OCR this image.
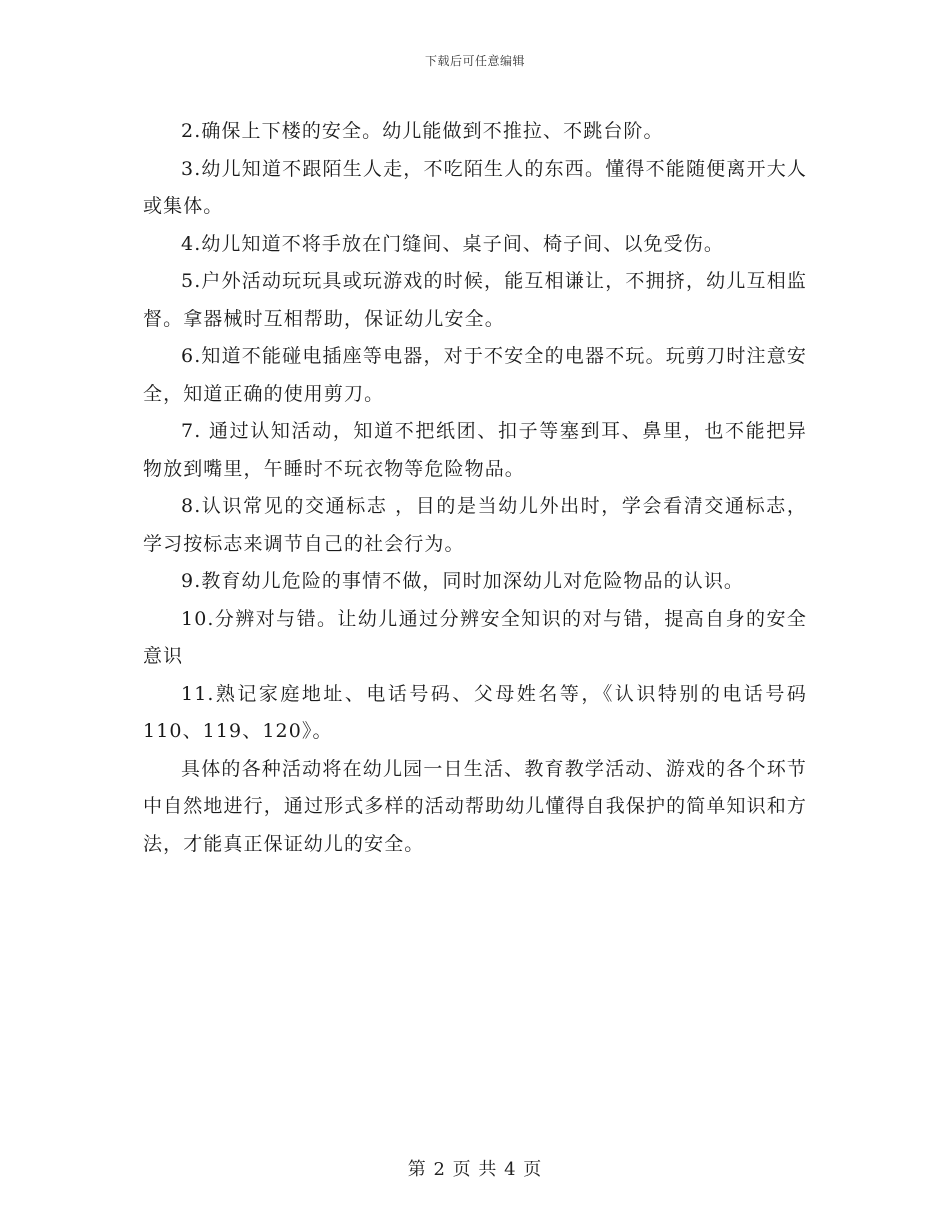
下载后可任意编辑

2.确保上下楼的安全。幼儿能做到不推拉、不跳台阶。

3.幼儿知道不跟陌生人走，不吃陌生人的东西。懂得不能随便离开大人或集体。

4.幼儿知道不将手放在门缝间、桌子间、椅子间、以免受伤。

5.户外活动玩玩具或玩游戏的时候，能互相谦让，不拥挤，幼儿互相监督。拿器械时互相帮助，保证幼儿安全。

6.知道不能碰电插座等电器，对于不安全的电器不玩。玩剪刀时注意安全，知道正确的使用剪刀。

7. 通过认知活动，知道不把纸团、扣子等塞到耳、鼻里，也不能把异物放到嘴里，午睡时不玩衣物等危险物品。

8.认识常见的交通标志 ，目的是当幼儿外出时，学会看清交通标志，学习按标志来调节自己的社会行为。

9.教育幼儿危险的事情不做，同时加深幼儿对危险物品的认识。

10.分辨对与错。让幼儿通过分辨安全知识的对与错，提高自身的安全意识

11.熟记家庭地址、电话号码、父母姓名等，《认识特别的电话号码110、119、120》。

具体的各种活动将在幼儿园一日生活、教育教学活动、游戏的各个环节中自然地进行，通过形式多样的活动帮助幼儿懂得自我保护的简单知识和方法，才能真正保证幼儿的安全。

第 2 页 共 4 页
